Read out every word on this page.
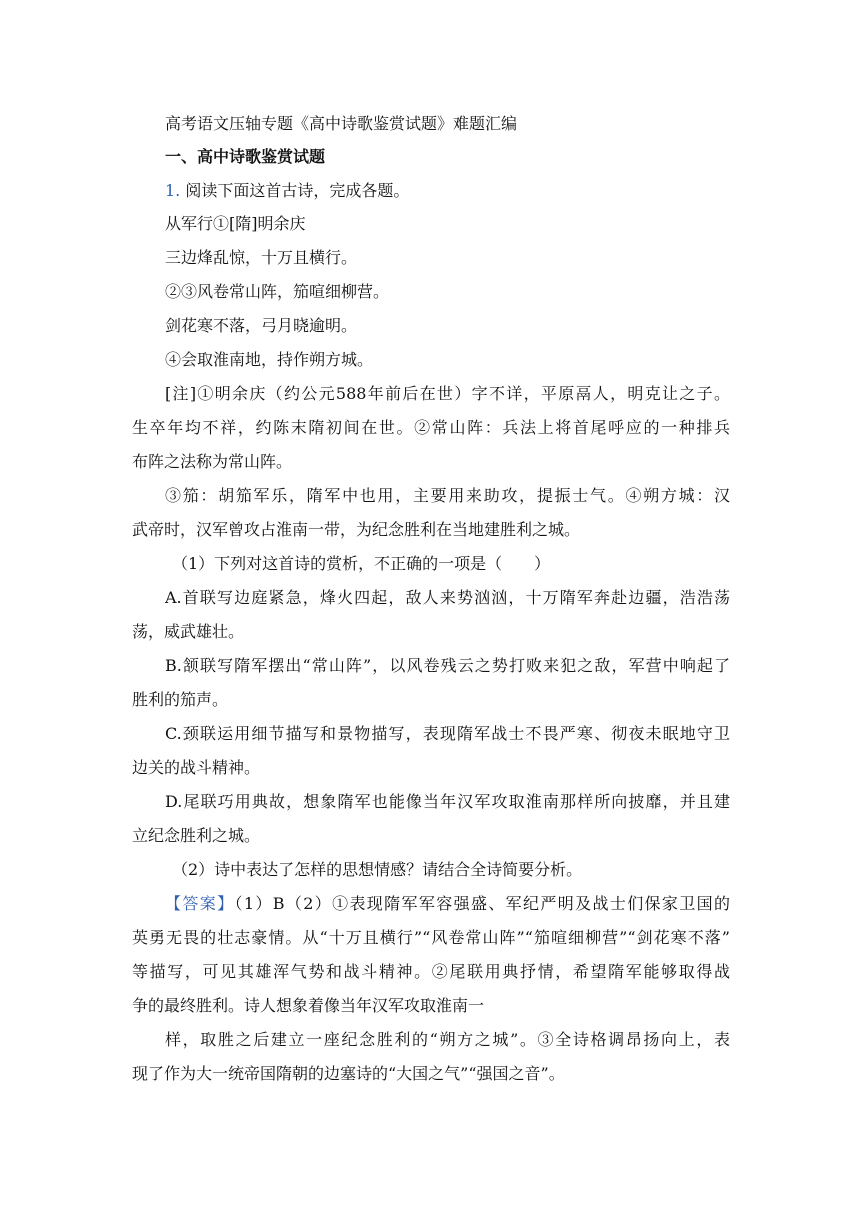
高考语文压轴专题《高中诗歌鉴赏试题》难题汇编
一、高中诗歌鉴赏试题
1. 阅读下面这首古诗，完成各题。
从军行①[隋]明余庆
三边烽乱惊，十万且横行。
②③风卷常山阵，笳喧细柳营。
剑花寒不落，弓月晓逾明。
④会取淮南地，持作朔方城。
[注]①明余庆（约公元588年前后在世）字不详，平原鬲人，明克让之子。
生卒年均不祥，约陈末隋初间在世。②常山阵：兵法上将首尾呼应的一种排兵
布阵之法称为常山阵。
③笳：胡笳军乐，隋军中也用，主要用来助攻，提振士气。④朔方城：汉
武帝时，汉军曾攻占淮南一带，为纪念胜利在当地建胜利之城。
（1）下列对这首诗的赏析，不正确的一项是（　　）
A.首联写边庭紧急，烽火四起，敌人来势汹汹，十万隋军奔赴边疆，浩浩荡
荡，威武雄壮。
B.颔联写隋军摆出“常山阵”，以风卷残云之势打败来犯之敌，军营中响起了
胜利的笳声。
C.颈联运用细节描写和景物描写，表现隋军战士不畏严寒、彻夜未眠地守卫
边关的战斗精神。
D.尾联巧用典故，想象隋军也能像当年汉军攻取淮南那样所向披靡，并且建
立纪念胜利之城。
（2）诗中表达了怎样的思想情感？请结合全诗简要分析。
【答案】（1）B（2）①表现隋军军容强盛、军纪严明及战士们保家卫国的
英勇无畏的壮志豪情。从“十万且横行”“风卷常山阵”“笳喧细柳营”“剑花寒不落”
等描写，可见其雄浑气势和战斗精神。②尾联用典抒情，希望隋军能够取得战
争的最终胜利。诗人想象着像当年汉军攻取淮南一
样，取胜之后建立一座纪念胜利的“朔方之城”。③全诗格调昂扬向上，表
现了作为大一统帝国隋朝的边塞诗的“大国之气”“强国之音”。
